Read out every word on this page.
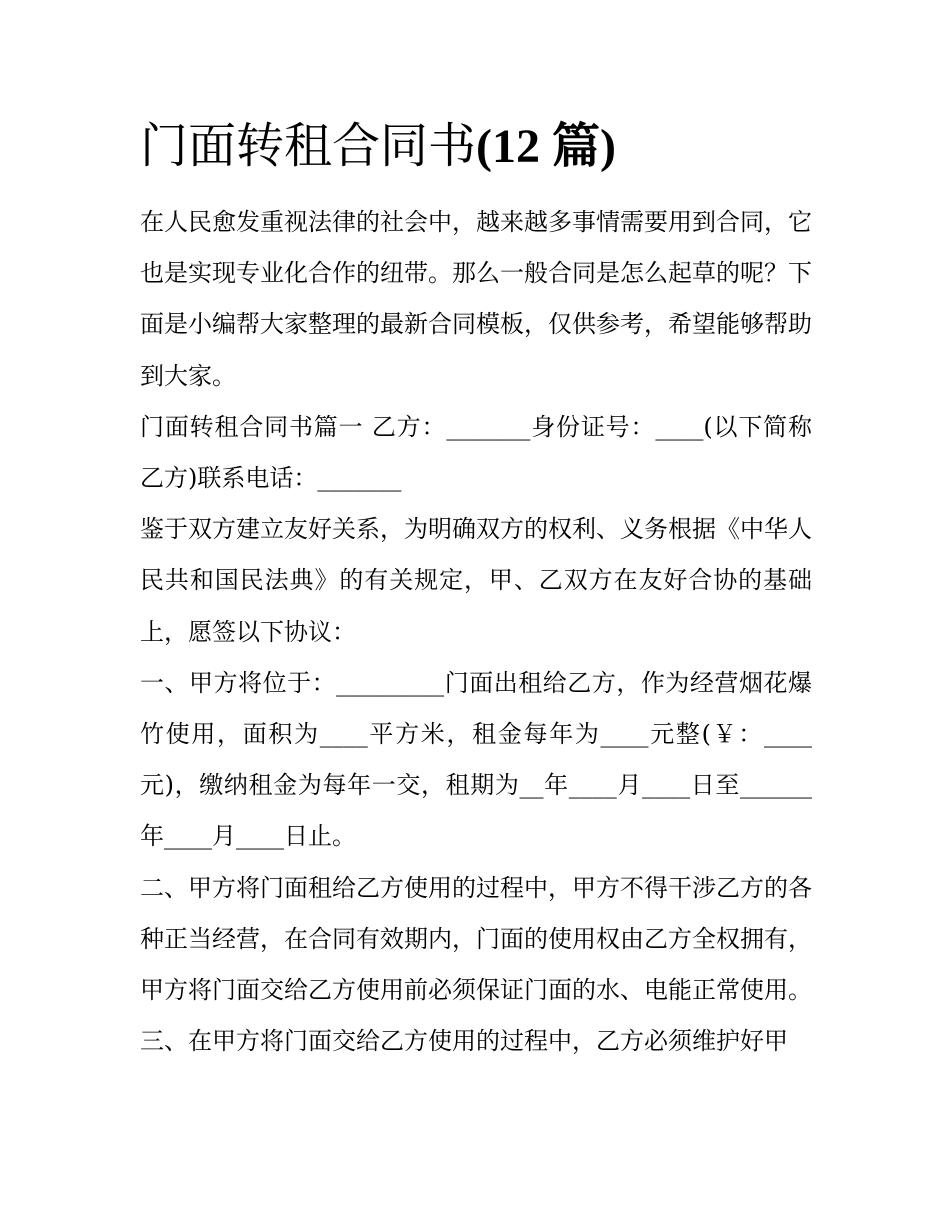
门面转租合同书(12 篇)

在人民愈发重视法律的社会中，越来越多事情需要用到合同，它也是实现专业化合作的纽带。那么一般合同是怎么起草的呢？下面是小编帮大家整理的最新合同模板，仅供参考，希望能够帮助到大家。

门面转租合同书篇一 乙方：_______身份证号：____(以下简称乙方)联系电话：_______

鉴于双方建立友好关系，为明确双方的权利、义务根据《中华人民共和国民法典》的有关规定，甲、乙双方在友好合协的基础上，愿签以下协议：

一、甲方将位于：_________门面出租给乙方，作为经营烟花爆竹使用，面积为____平方米，租金每年为____元整(￥：____元)，缴纳租金为每年一交，租期为__年____月____日至______年____月____日止。

二、甲方将门面租给乙方使用的过程中，甲方不得干涉乙方的各种正当经营，在合同有效期内，门面的使用权由乙方全权拥有，甲方将门面交给乙方使用前必须保证门面的水、电能正常使用。

三、在甲方将门面交给乙方使用的过程中，乙方必须维护好甲
